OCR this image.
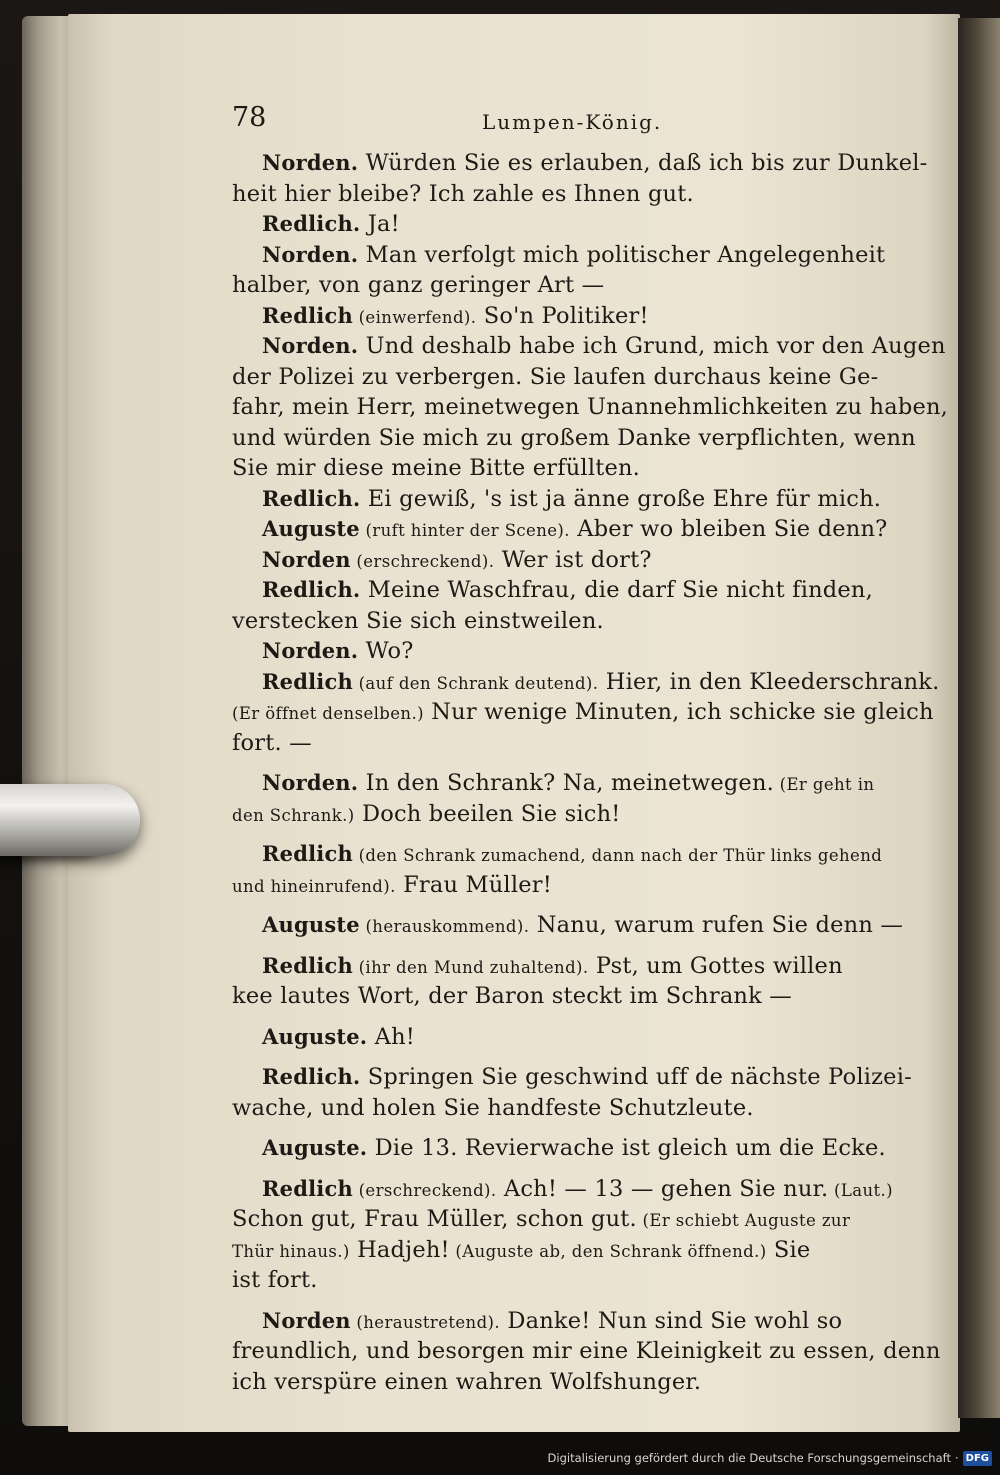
78	Lumpen-König.
Norden. Würden Sie es erlauben, daß ich bis zur Dunkel-
heit hier bleibe? Ich zahle es Ihnen gut.
Redlich. Ja!
Norden. Man verfolgt mich politischer Angelegenheit
halber, von ganz geringer Art —
Redlich (einwerfend). So'n Politiker!
Norden. Und deshalb habe ich Grund, mich vor den Augen
der Polizei zu verbergen. Sie laufen durchaus keine Ge-
fahr, mein Herr, meinetwegen Unannehmlichkeiten zu haben,
und würden Sie mich zu großem Danke verpflichten, wenn
Sie mir diese meine Bitte erfüllten.
Redlich. Ei gewiß, 's ist ja änne große Ehre für mich.
Auguste (ruft hinter der Scene). Aber wo bleiben Sie denn?
Norden (erschreckend). Wer ist dort?
Redlich. Meine Waschfrau, die darf Sie nicht finden,
verstecken Sie sich einstweilen.
Norden. Wo?
Redlich (auf den Schrank deutend). Hier, in den Kleederschrank.
(Er öffnet denselben.) Nur wenige Minuten, ich schicke sie gleich
fort. —
Norden. In den Schrank? Na, meinetwegen. (Er geht in
den Schrank.) Doch beeilen Sie sich!
Redlich (den Schrank zumachend, dann nach der Thür links gehend
und hineinrufend). Frau Müller!
Auguste (herauskommend). Nanu, warum rufen Sie denn —
Redlich (ihr den Mund zuhaltend). Pst, um Gottes willen
kee lautes Wort, der Baron steckt im Schrank —
Auguste. Ah!
Redlich. Springen Sie geschwind uff de nächste Polizei-
wache, und holen Sie handfeste Schutzleute.
Auguste. Die 13. Revierwache ist gleich um die Ecke.
Redlich (erschreckend). Ach! — 13 — gehen Sie nur. (Laut.)
Schon gut, Frau Müller, schon gut. (Er schiebt Auguste zur
Thür hinaus.) Hadjeh! (Auguste ab, den Schrank öffnend.) Sie
ist fort.
Norden (heraustretend). Danke! Nun sind Sie wohl so
freundlich, und besorgen mir eine Kleinigkeit zu essen, denn
ich verspüre einen wahren Wolfshunger.
Digitalisierung gefördert durch die Deutsche Forschungsgemeinschaft · DFG
